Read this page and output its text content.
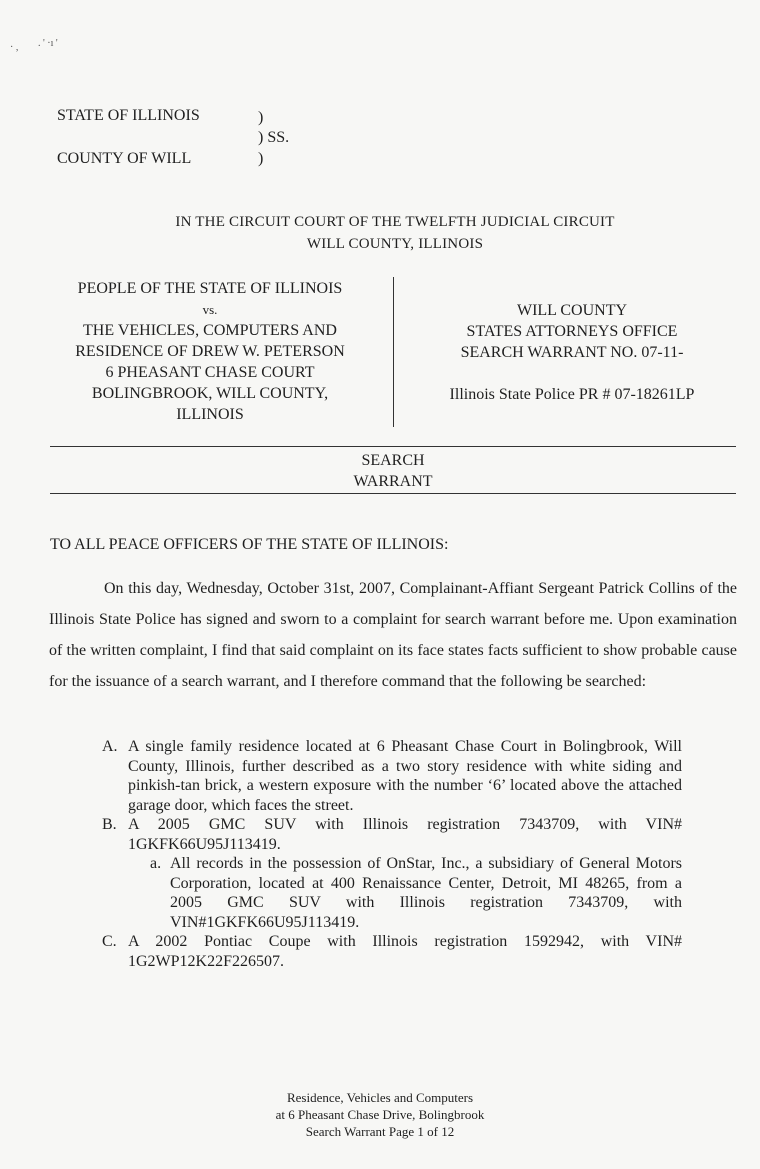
· , . ' ·ı '
STATE OF ILLINOIS
COUNTY OF WILL
)
) SS.
)
IN THE CIRCUIT COURT OF THE TWELFTH JUDICIAL CIRCUIT
WILL COUNTY, ILLINOIS
PEOPLE OF THE STATE OF ILLINOIS
vs.
THE VEHICLES, COMPUTERS AND
RESIDENCE OF DREW W. PETERSON
6 PHEASANT CHASE COURT
BOLINGBROOK, WILL COUNTY,
ILLINOIS
WILL COUNTY
STATES ATTORNEYS OFFICE
SEARCH WARRANT NO. 07-11-
Illinois State Police PR # 07-18261LP
SEARCH
WARRANT
TO ALL PEACE OFFICERS OF THE STATE OF ILLINOIS:
On this day, Wednesday, October 31st, 2007, Complainant-Affiant Sergeant Patrick Collins of the Illinois State Police has signed and sworn to a complaint for search warrant before me. Upon examination of the written complaint, I find that said complaint on its face states facts sufficient to show probable cause for the issuance of a search warrant, and I therefore command that the following be searched:
A. A single family residence located at 6 Pheasant Chase Court in Bolingbrook, Will County, Illinois, further described as a two story residence with white siding and pinkish-tan brick, a western exposure with the number ‘6’ located above the attached garage door, which faces the street.
B. A 2005 GMC SUV with Illinois registration 7343709, with VIN# 1GKFK66U95J113419.
a. All records in the possession of OnStar, Inc., a subsidiary of General Motors Corporation, located at 400 Renaissance Center, Detroit, MI 48265, from a 2005 GMC SUV with Illinois registration 7343709, with VIN#1GKFK66U95J113419.
C. A 2002 Pontiac Coupe with Illinois registration 1592942, with VIN# 1G2WP12K22F226507.
Residence, Vehicles and Computers
at 6 Pheasant Chase Drive, Bolingbrook
Search Warrant Page 1 of 12
